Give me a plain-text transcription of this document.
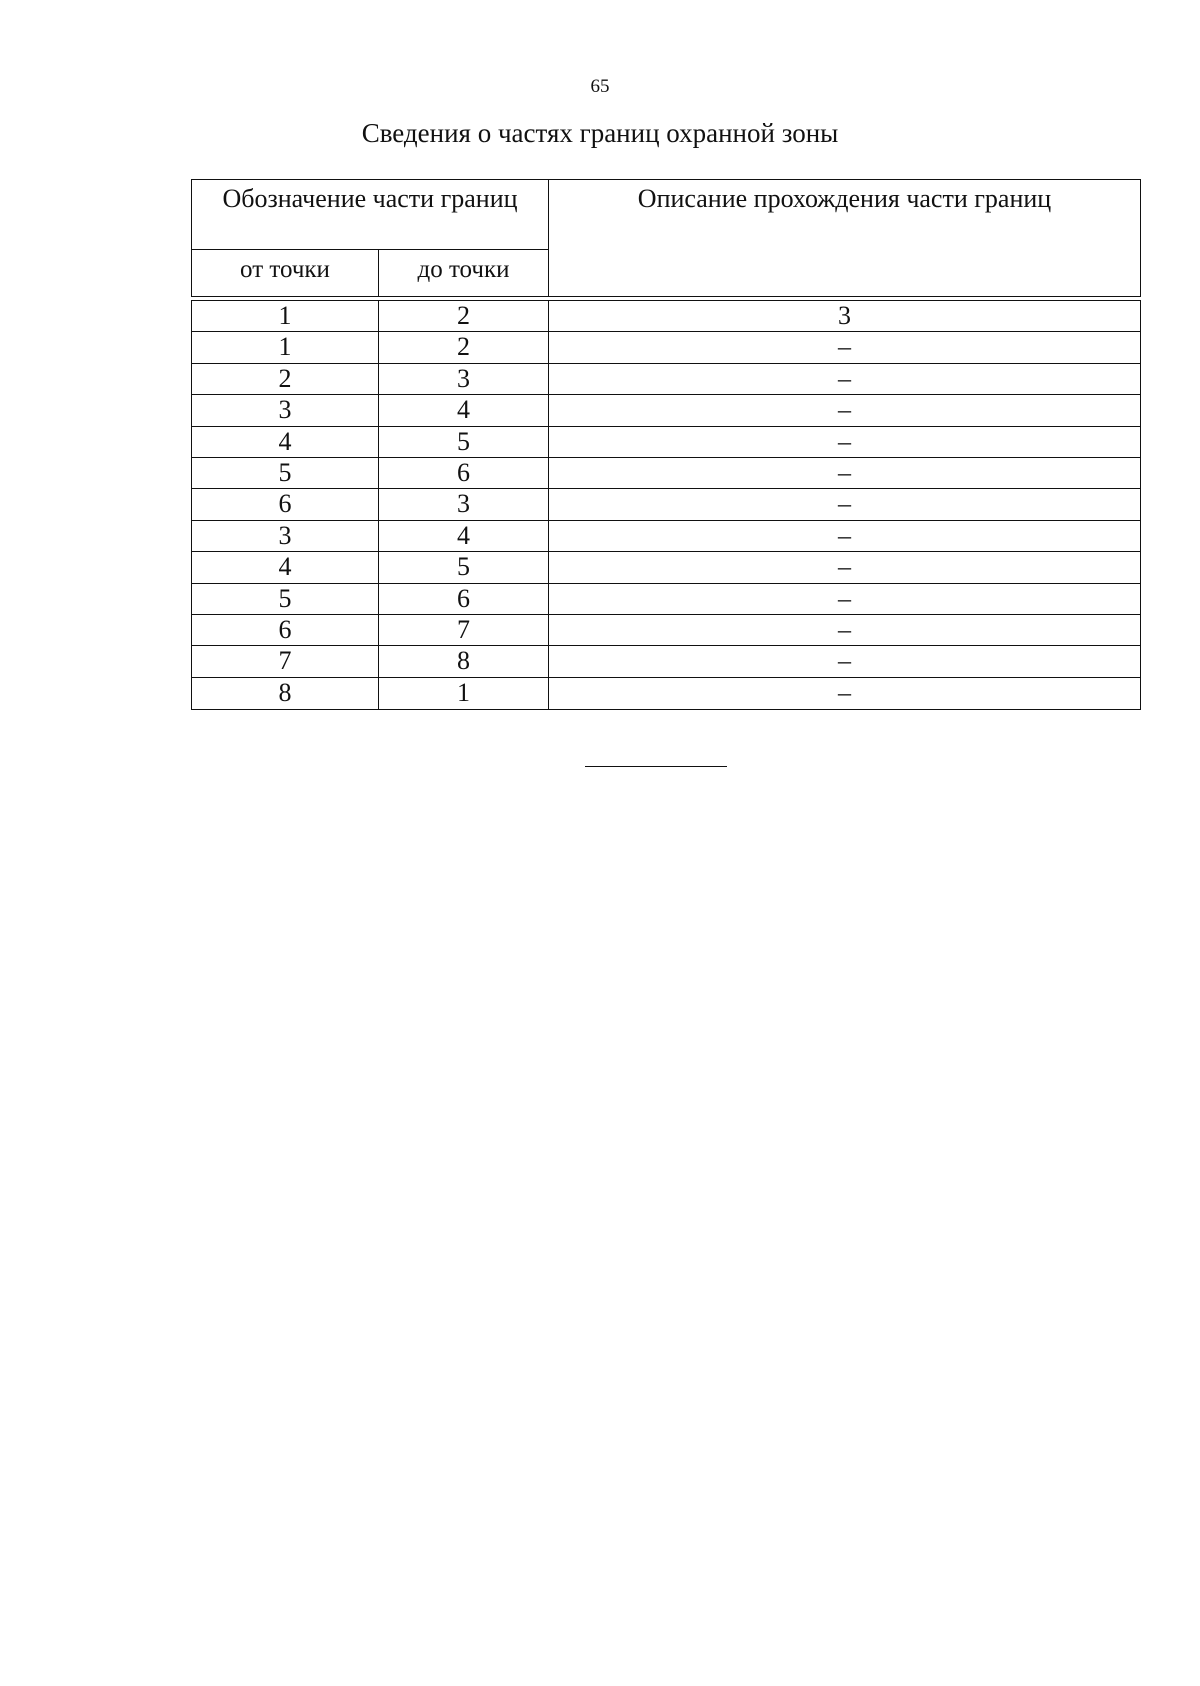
65
Сведения о частях границ охранной зоны
Обозначение части границ	Описание прохождения части границ
от точки	до точки
1	2	3
1	2	–
2	3	–
3	4	–
4	5	–
5	6	–
6	3	–
3	4	–
4	5	–
5	6	–
6	7	–
7	8	–
8	1	–
